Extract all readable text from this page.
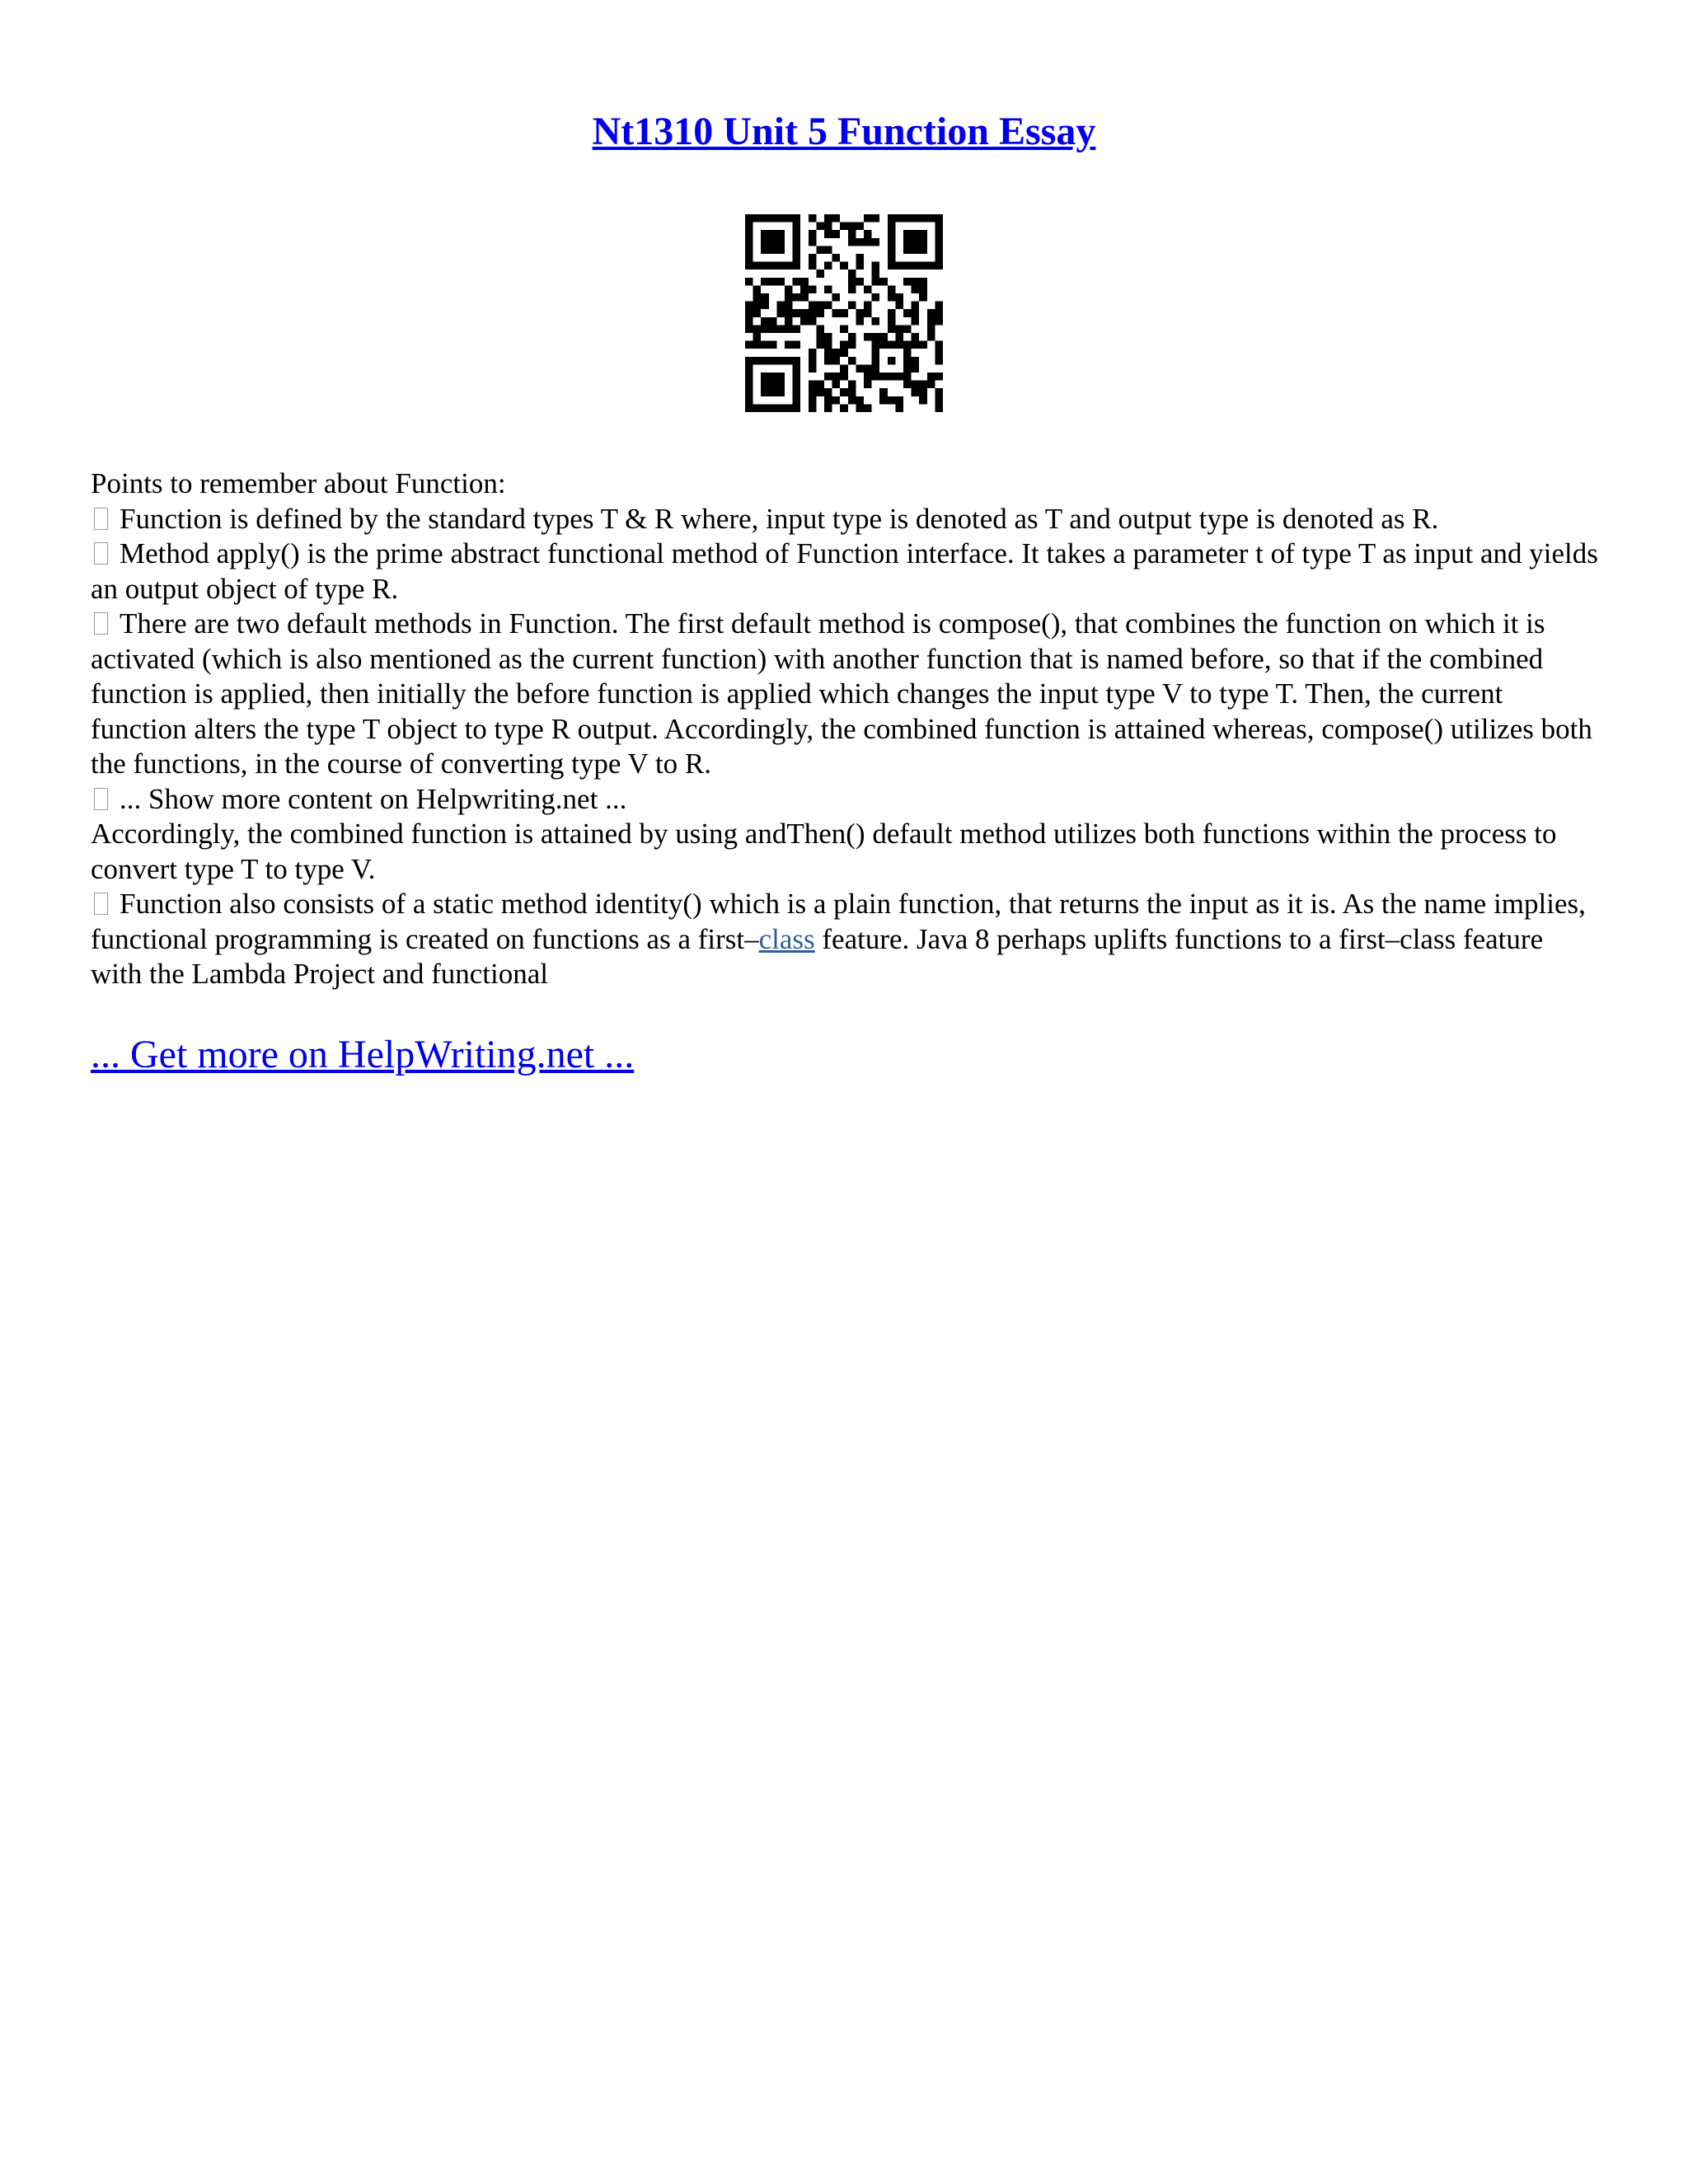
Nt1310 Unit 5 Function Essay

Points to remember about Function:

Function is defined by the standard types T & R where, input type is denoted as T and output type is denoted as R.

Method apply() is the prime abstract functional method of Function interface. It takes a parameter t of type T as input and yields an output object of type R.

There are two default methods in Function. The first default method is compose(), that combines the function on which it is activated (which is also mentioned as the current function) with another function that is named before, so that if the combined function is applied, then initially the before function is applied which changes the input type V to type T. Then, the current function alters the type T object to type R output. Accordingly, the combined function is attained whereas, compose() utilizes both the functions, in the course of converting type V to R.

... Show more content on Helpwriting.net ...

Accordingly, the combined function is attained by using andThen() default method utilizes both functions within the process to convert type T to type V.

Function also consists of a static method identity() which is a plain function, that returns the input as it is. As the name implies, functional programming is created on functions as a first–class feature. Java 8 perhaps uplifts functions to a first–class feature with the Lambda Project and functional

... Get more on HelpWriting.net ...
